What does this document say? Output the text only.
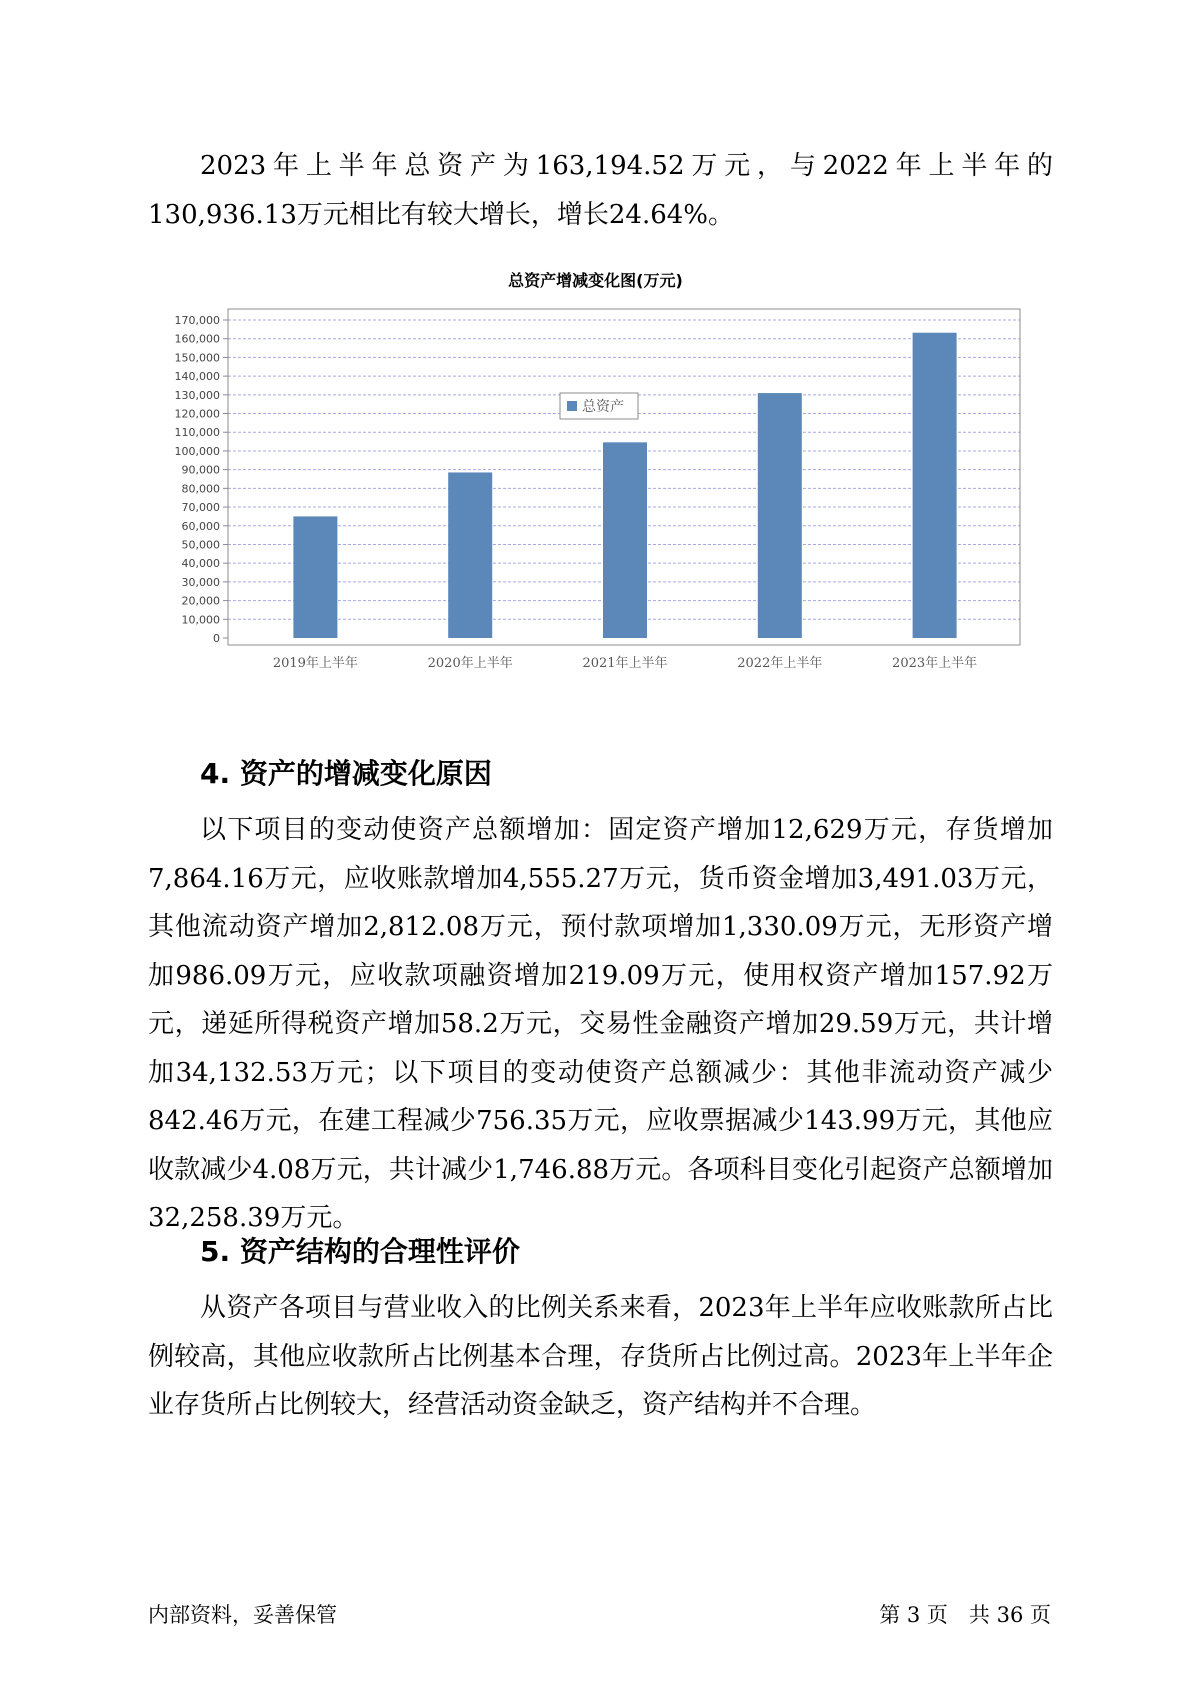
2023年上半年总资产为163,194.52万元，与2022年上半年的130,936.13万元相比有较大增长，增长24.64%。

总资产增减变化图(万元)
0
10,000
20,000
30,000
40,000
50,000
60,000
70,000
80,000
90,000
100,000
110,000
120,000
130,000
140,000
150,000
160,000
170,000
2019年上半年	2020年上半年	2021年上半年	2022年上半年	2023年上半年
总资产
4. 资产的增减变化原因

以下项目的变动使资产总额增加：固定资产增加12,629万元，存货增加7,864.16万元，应收账款增加4,555.27万元，货币资金增加3,491.03万元，其他流动资产增加2,812.08万元，预付款项增加1,330.09万元，无形资产增加986.09万元，应收款项融资增加219.09万元，使用权资产增加157.92万元，递延所得税资产增加58.2万元，交易性金融资产增加29.59万元，共计增加34,132.53万元；以下项目的变动使资产总额减少：其他非流动资产减少842.46万元，在建工程减少756.35万元，应收票据减少143.99万元，其他应收款减少4.08万元，共计减少1,746.88万元。各项科目变化引起资产总额增加32,258.39万元。

5. 资产结构的合理性评价

从资产各项目与营业收入的比例关系来看，2023年上半年应收账款所占比例较高，其他应收款所占比例基本合理，存货所占比例过高。2023年上半年企业存货所占比例较大，经营活动资金缺乏，资产结构并不合理。

内部资料，妥善保管	第 3 页　共 36 页
